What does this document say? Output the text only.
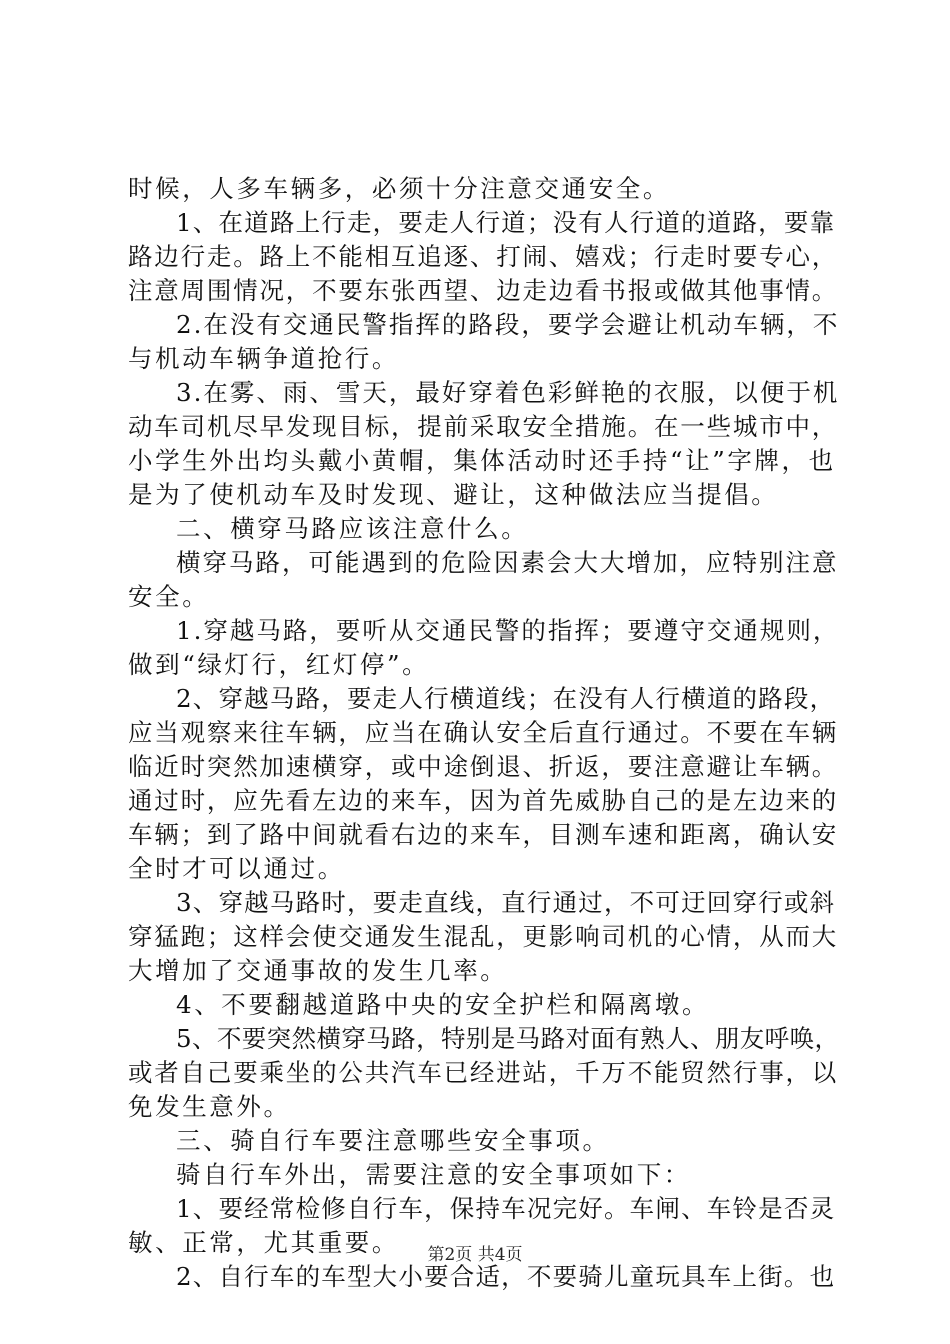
时候，人多车辆多，必须十分注意交通安全。
1、在道路上行走，要走人行道；没有人行道的道路，要靠
路边行走。路上不能相互追逐、打闹、嬉戏；行走时要专心，
注意周围情况，不要东张西望、边走边看书报或做其他事情。
2.在没有交通民警指挥的路段，要学会避让机动车辆，不
与机动车辆争道抢行。
3.在雾、雨、雪天，最好穿着色彩鲜艳的衣服，以便于机
动车司机尽早发现目标，提前采取安全措施。在一些城市中，
小学生外出均头戴小黄帽，集体活动时还手持“让”字牌，也
是为了使机动车及时发现、避让，这种做法应当提倡。
二、横穿马路应该注意什么。
横穿马路，可能遇到的危险因素会大大增加，应特别注意
安全。
1.穿越马路，要听从交通民警的指挥；要遵守交通规则，
做到“绿灯行，红灯停”。
2、穿越马路，要走人行横道线；在没有人行横道的路段，
应当观察来往车辆，应当在确认安全后直行通过。不要在车辆
临近时突然加速横穿，或中途倒退、折返，要注意避让车辆。
通过时，应先看左边的来车，因为首先威胁自己的是左边来的
车辆；到了路中间就看右边的来车，目测车速和距离，确认安
全时才可以通过。
3、穿越马路时，要走直线，直行通过，不可迂回穿行或斜
穿猛跑；这样会使交通发生混乱，更影响司机的心情，从而大
大增加了交通事故的发生几率。
4、不要翻越道路中央的安全护栏和隔离墩。
5、不要突然横穿马路，特别是马路对面有熟人、朋友呼唤，
或者自己要乘坐的公共汽车已经进站，千万不能贸然行事，以
免发生意外。
三、骑自行车要注意哪些安全事项。
骑自行车外出，需要注意的安全事项如下：
1、要经常检修自行车，保持车况完好。车闸、车铃是否灵
敏、正常，尤其重要。
2、自行车的车型大小要合适，不要骑儿童玩具车上街。也
第2页 共4页
